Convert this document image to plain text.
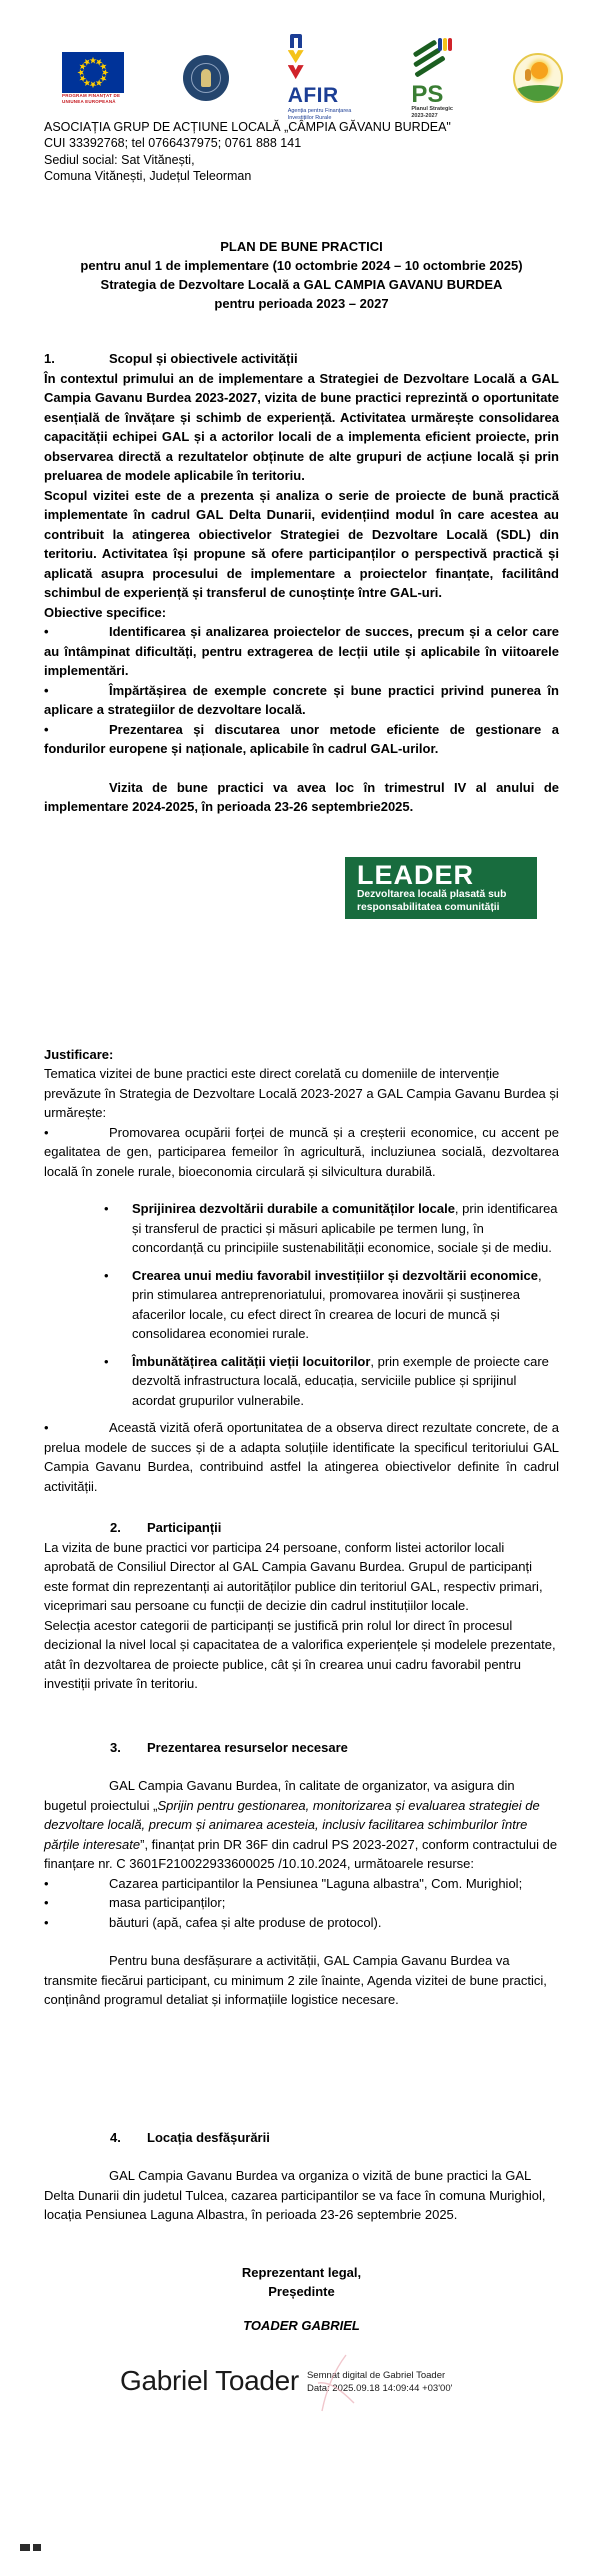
PROGRAM FINANȚAT DE
UNIUNEA EUROPEANĂ	AFIR
Agenția pentru Finanțarea
Investițiilor Rurale
PS
Planul Strategic
2023-2027
ASOCIAȚIA GRUP DE ACȚIUNE LOCALĂ „CÂMPIA GĂVANU BURDEA"
CUI 33392768; tel 0766437975; 0761 888 141
Sediul social: Sat Vitănești,
Comuna Vitănești, Județul Teleorman
PLAN DE BUNE PRACTICI
pentru anul 1 de implementare (10 octombrie 2024 – 10 octombrie 2025)
Strategia de Dezvoltare Locală a GAL CAMPIA GAVANU BURDEA
pentru perioada 2023 – 2027
1.	Scopul și obiectivele activității

În contextul primului an de implementare a Strategiei de Dezvoltare Locală a GAL Campia Gavanu Burdea 2023-2027, vizita de bune practici reprezintă o oportunitate esențială de învățare și schimb de experiență. Activitatea urmărește consolidarea capacității echipei GAL și a actorilor locali de a implementa eficient proiecte, prin observarea directă a rezultatelor obținute de alte grupuri de acțiune locală și prin preluarea de modele aplicabile în teritoriu.

Scopul vizitei este de a prezenta și analiza o serie de proiecte de bună practică implementate în cadrul GAL Delta Dunarii, evidențiind modul în care acestea au contribuit la atingerea obiectivelor Strategiei de Dezvoltare Locală (SDL) din teritoriu. Activitatea își propune să ofere participanților o perspectivă practică și aplicată asupra procesului de implementare a proiectelor finanțate, facilitând schimbul de experiență și transferul de cunoștințe între GAL-uri.

Obiective specifice:

• Identificarea și analizarea proiectelor de succes, precum și a celor care au întâmpinat dificultăți, pentru extragerea de lecții utile și aplicabile în viitoarele implementări.

• Împărtășirea de exemple concrete și bune practici privind punerea în aplicare a strategiilor de dezvoltare locală.

• Prezentarea și discutarea unor metode eficiente de gestionare a fondurilor europene și naționale, aplicabile în cadrul GAL-urilor.

Vizita de bune practici va avea loc în trimestrul IV al anului de implementare 2024-2025, în perioada 23-26 septembrie2025.

LEADER
Dezvoltarea locală plasată sub
responsabilitatea comunității
Justificare:

Tematica vizitei de bune practici este direct corelată cu domeniile de intervenție prevăzute în Strategia de Dezvoltare Locală 2023-2027 a GAL Campia Gavanu Burdea și urmărește:

• Promovarea ocupării forței de muncă și a creșterii economice, cu accent pe egalitatea de gen, participarea femeilor în agricultură, incluziunea socială, dezvoltarea locală în zonele rurale, bioeconomia circulară și silvicultura durabilă.

• Sprijinirea dezvoltării durabile a comunităților locale, prin identificarea și transferul de practici și măsuri aplicabile pe termen lung, în concordanță cu principiile sustenabilității economice, sociale și de mediu.
• Crearea unui mediu favorabil investițiilor și dezvoltării economice, prin stimularea antreprenoriatului, promovarea inovării și susținerea afacerilor locale, cu efect direct în crearea de locuri de muncă și consolidarea economiei rurale.
• Îmbunătățirea calității vieții locuitorilor, prin exemple de proiecte care dezvoltă infrastructura locală, educația, serviciile publice și sprijinul acordat grupurilor vulnerabile.

• Această vizită oferă oportunitatea de a observa direct rezultate concrete, de a prelua modele de succes și de a adapta soluțiile identificate la specificul teritoriului GAL Campia Gavanu Burdea, contribuind astfel la atingerea obiectivelor definite în cadrul activității.

2.	Participanții

La vizita de bune practici vor participa 24 persoane, conform listei actorilor locali aprobată de Consiliul Director al GAL Campia Gavanu Burdea. Grupul de participanți este format din reprezentanți ai autorităților publice din teritoriul GAL, respectiv primari, viceprimari sau persoane cu funcții de decizie din cadrul instituțiilor locale.

Selecția acestor categorii de participanți se justifică prin rolul lor direct în procesul decizional la nivel local și capacitatea de a valorifica experiențele și modelele prezentate, atât în dezvoltarea de proiecte publice, cât și în crearea unui cadru favorabil pentru investiții private în teritoriu.

3.	Prezentarea resurselor necesare

GAL Campia Gavanu Burdea, în calitate de organizator, va asigura din bugetul proiectului „Sprijin pentru gestionarea, monitorizarea și evaluarea strategiei de dezvoltare locală, precum și animarea acesteia, inclusiv facilitarea schimburilor între părțile interesate”, finanțat prin DR 36F din cadrul PS 2023-2027, conform contractului de finanțare nr. C 3601F210022933600025 /10.10.2024, următoarele resurse:

• Cazarea participantilor la Pensiunea "Laguna albastra", Com. Murighiol;

• masa participanților;

• băuturi (apă, cafea și alte produse de protocol).

Pentru buna desfășurare a activității, GAL Campia Gavanu Burdea va transmite fiecărui participant, cu minimum 2 zile înainte, Agenda vizitei de bune practici, conținând programul detaliat și informațiile logistice necesare.

4.	Locația desfășurării

GAL Campia Gavanu Burdea va organiza o vizită de bune practici la GAL Delta Dunarii din judetul Tulcea, cazarea participantilor se va face în comuna Murighiol, locația Pensiunea Laguna Albastra, în perioada 23-26 septembrie 2025.

Reprezentant legal,
Președinte
TOADER GABRIEL
Gabriel Toader Semnat digital de Gabriel Toader
Data: 2025.09.18 14:09:44 +03'00'
